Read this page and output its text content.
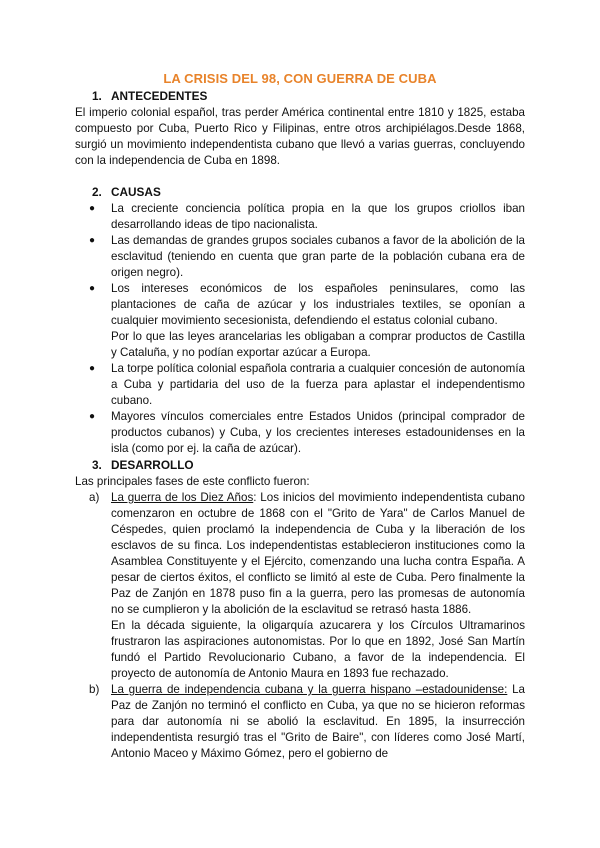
LA CRISIS DEL 98, CON GUERRA DE CUBA
1. ANTECEDENTES

El imperio colonial español, tras perder América continental entre 1810 y 1825, estaba compuesto por Cuba, Puerto Rico y Filipinas, entre otros archipiélagos.Desde 1868, surgió un movimiento independentista cubano que llevó a varias guerras, concluyendo con la independencia de Cuba en 1898.

2. CAUSAS
● La creciente conciencia política propia en la que los grupos criollos iban desarrollando ideas de tipo nacionalista.
● Las demandas de grandes grupos sociales cubanos a favor de la abolición de la esclavitud (teniendo en cuenta que gran parte de la población cubana era de origen negro).
● Los intereses económicos de los españoles peninsulares, como las plantaciones de caña de azúcar y los industriales textiles, se oponían a cualquier movimiento secesionista, defendiendo el estatus colonial cubano.
Por lo que las leyes arancelarias les obligaban a comprar productos de Castilla y Cataluña, y no podían exportar azúcar a Europa.
● La torpe política colonial española contraria a cualquier concesión de autonomía a Cuba y partidaria del uso de la fuerza para aplastar el independentismo cubano.
● Mayores vínculos comerciales entre Estados Unidos (principal comprador de productos cubanos) y Cuba, y los crecientes intereses estadounidenses en la isla (como por ej. la caña de azúcar).
3. DESARROLLO

Las principales fases de este conflicto fueron:

a) La guerra de los Diez Años: Los inicios del movimiento independentista cubano comenzaron en octubre de 1868 con el "Grito de Yara" de Carlos Manuel de Céspedes, quien proclamó la independencia de Cuba y la liberación de los esclavos de su finca. Los independentistas establecieron instituciones como la Asamblea Constituyente y el Ejército, comenzando una lucha contra España. A pesar de ciertos éxitos, el conflicto se limitó al este de Cuba. Pero finalmente la Paz de Zanjón en 1878 puso fin a la guerra, pero las promesas de autonomía no se cumplieron y la abolición de la esclavitud se retrasó hasta 1886.
En la década siguiente, la oligarquía azucarera y los Círculos Ultramarinos frustraron las aspiraciones autonomistas. Por lo que en 1892, José San Martín fundó el Partido Revolucionario Cubano, a favor de la independencia. El proyecto de autonomía de Antonio Maura en 1893 fue rechazado.
b) La guerra de independencia cubana y la guerra hispano –estadounidense: La Paz de Zanjón no terminó el conflicto en Cuba, ya que no se hicieron reformas para dar autonomía ni se abolió la esclavitud. En 1895, la insurrección independentista resurgió tras el "Grito de Baire", con líderes como José Martí, Antonio Maceo y Máximo Gómez, pero el gobierno de
